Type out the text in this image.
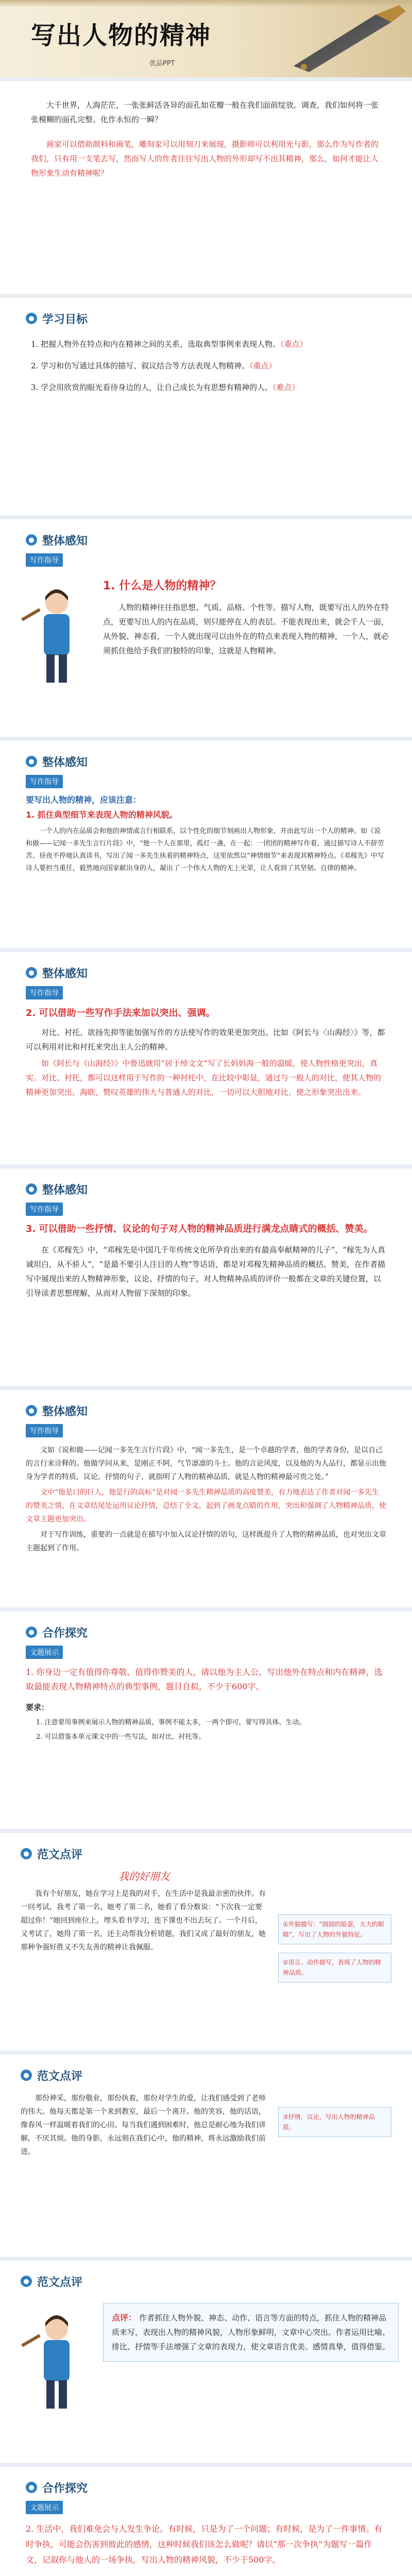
写出人物的精神
优品PPT

大千世界，人海茫茫，一张张鲜活各异的面孔如花瓣一般在我们面前绽放。调查，我们如何将一张张模糊的面孔完整、化作永恒的一瞬？

画家可以借助颜料和画笔，雕刻家可以用刻刀来展现，摄影师可以利用光与影，那么作为写作者的我们，只有用一支笔去写，然而写人的作者往往写出人物的外形却写不出其精神，那么，如何才能让人物形象生动有精神呢？

● 学习目标

1. 把握人物外在特点和内在精神之间的关系，选取典型事例来表现人物。（重点）

2. 学习和仿写通过具体的描写、叙议结合等方法表现人物精神。（重点）

3. 学会用欣赏的眼光看待身边的人，让自己成长为有思想有精神的人。（难点）

● 整体感知
写作指导
1. 什么是人物的精神？

人物的精神往往指思想、气质、品格、个性等。描写人物，既要写出人的外在特点，更要写出人的内在品质，则只能停在人的表层。不能表现出来，就会千人一面，从外貌、神态看，一个人就出现可以由外在的特点来表现人物的精神，一个人，就必须抓住他给予我们的独特的印象，这就是人物精神。

● 整体感知
写作指导
要写出人物的精神，应该注意：
1. 抓住典型细节来表现人物的精神风貌。

一个人的内在品质会和他的神情或言行相联系，以个性化的细节刻画出人物形象，并由此写出一个人的精神。如《说和做——记闻一多先生言行片段》中，“他一个人在那里，孤灯一盏，在一起：一团团的精神写作着，通过描写诗人不辞劳苦、昼夜不停地认真读书，写出了闻一多先生执着的精神特点，这里依然以“神情细节”来表现其精神特点。《邓稼先》中写诗人要担当重任，毅然地向国家献出身的人，凝出了一个伟大人物的无上光荣，让人看到了其坚韧、自律的精神。

● 整体感知
写作指导
2. 可以借助一些写作手法来加以突出、强调。

对比、衬托、欲扬先抑等能加强写作的方法使写作的效果更加突出。比如《阿长与〈山海经〉》等，都可以利用对比和衬托来突出主人公的精神。

如《阿长与《山海经》》中鲁迅就用“居于绰文文”写了长妈妈海一般的温暖，使人物性格更突出，真实。对比、衬托，都可以这样用于写作的一种衬托中，在比较中彰显，通过与一般人的对比，使其人物的精神更加突出。海欧，赞叹英雄的伟大与普通人的对比，一切可以大胆地对比，使之形象突出出来。

● 整体感知
写作指导
3. 可以借助一些抒情、议论的句子对人物的精神品质进行满龙点睛式的概括、赞美。

在《邓稼先》中，“邓稼先是中国几千年传统文化所孕育出来的有最高奉献精神的儿子”，“稼先为人真诚坦白，从不骄人”，“是最不要引人注目的人物”等话语，都是对邓稼先精神品质的概括、赞美，在作者描写中展现出来的人物精神形象，议论、抒情的句子，对人物精神品质的评价一般都在文章的关键位置，以引导读者思想理解，从而对人物留下深刻的印象。

● 整体感知
写作指导

文如《说和做——记闻一多先生言行片段》中，“闻一多先生，是一个卓越的学者，他的学者身份，是以自己的言行来诠释的。他做学问从来，是刚正不阿，气节凛凛的斗士。他的言论风度，以及他的为人品行，都显示出他身为学者的特质，议论，抒情的句子，就指明了人物的精神品质，就是人物的精神最可贵之处。”

文中“他是口的巨人，他是行的高标”是对闻一多先生精神品质的高度赞美，有力地表达了作者对闻一多先生的赞美之情，在文章结尾处运用议论抒情，总结了全文，起到了画龙点睛的作用，突出和强调了人物精神品质，使文章主题更加突出。

对于写作训练，重要的一点就是在描写中加入议论抒情的语句，这样既提升了人物的精神品质，也对突出文章主题起到了作用。

● 合作探究
文题展示

1. 你身边一定有值得你尊敬、值得你赞美的人，请以他为主人公，写出他外在特点和内在精神，选取最能表现人物精神特点的典型事例，题目自拟，不少于600字。

要求：

1. 注意要用事例来展示人物的精神品质，事例不能太多，一两个即可，要写得具体、生动。

2. 可以借鉴本单元课文中的一些写法，如对比、衬托等。

● 范文点评
我的好朋友

我有个好朋友，她在学习上是我的对手，在生活中是我最亲密的伙伴。有一回考试，我考了第一名，她考了第二名，她看了看分数说：“下次我一定要超过你！”她回到座位上，埋头看书学习，连下课也不出去玩了。一个月后，又考试了，她得了第一名，还主动帮我分析错题，我们又成了最好的朋友，她那种争强好胜又不失友善的精神让我佩服。

①外貌描写：“圆圆的脸蛋，大大的眼睛”，写出了人物的外貌特征。
②语言、动作描写，表现了人物的精神品质。
● 范文点评

那份神采，那份敬业，那份执着，那份对学生的爱，让我们感受到了老师的伟大。他每天都是第一个来到教室，最后一个离开。他的笑容，他的话语，像春风一样温暖着我们的心田。每当我们遇到困难时，他总是耐心地为我们讲解，不厌其烦。他的身影，永远刻在我们心中，他的精神，将永远激励我们前进。

③抒情，议论，写出人物的精神品质。
● 范文点评
点评： 作者抓住人物外貌、神态、动作、语言等方面的特点，抓住人物的精神品质来写，表现出人物的精神风貌，人物形象鲜明，文章中心突出。作者运用比喻、排比、抒情等手法增强了文章的表现力，使文章语言优美、感情真挚，值得借鉴。
● 合作探究
文题展示

2. 生活中，我们难免会与人发生争论。有时候，只是为了一个问题；有时候，是为了一件事情。有时争执，可能会伤害到彼此的感情，这种时候我们该怎么做呢？请以“那一次争执”为题写一篇作文，记叙你与他人的一场争执，写出人物的精神风貌，不少于500字。
